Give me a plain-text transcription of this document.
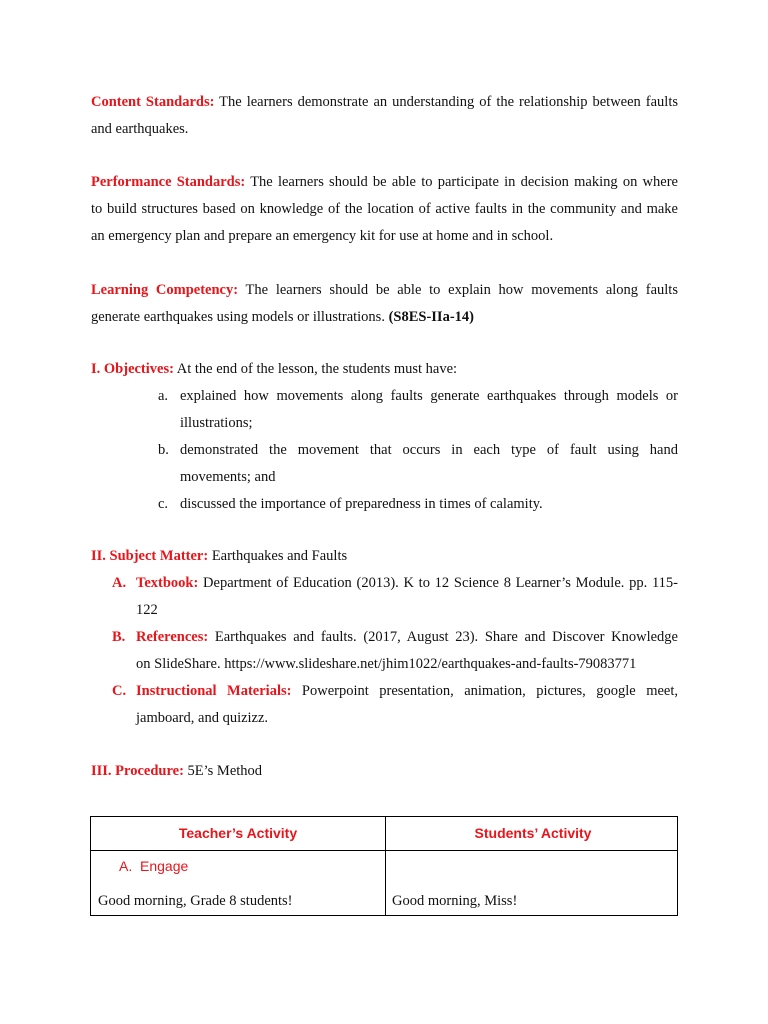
Content Standards: The learners demonstrate an understanding of the relationship between faults
and earthquakes.
Performance Standards: The learners should be able to participate in decision making on where
to build structures based on knowledge of the location of active faults in the community and make
an emergency plan and prepare an emergency kit for use at home and in school.
Learning Competency: The learners should be able to explain how movements along faults
generate earthquakes using models or illustrations. (S8ES-IIa-14)
I. Objectives: At the end of the lesson, the students must have:
a. explained how movements along faults generate earthquakes through models or
illustrations;
b. demonstrated the movement that occurs in each type of fault using hand
movements; and
c. discussed the importance of preparedness in times of calamity.
II. Subject Matter: Earthquakes and Faults
A. Textbook: Department of Education (2013). K to 12 Science 8 Learner’s Module. pp. 115-
122
B. References: Earthquakes and faults. (2017, August 23). Share and Discover Knowledge
on SlideShare. https://www.slideshare.net/jhim1022/earthquakes-and-faults-79083771
C. Instructional Materials: Powerpoint presentation, animation, pictures, google meet,
jamboard, and quizizz.
III. Procedure: 5E’s Method
Teacher’s Activity	Students’ Activity
A. Engage
Good morning, Grade 8 students!	Good morning, Miss!
